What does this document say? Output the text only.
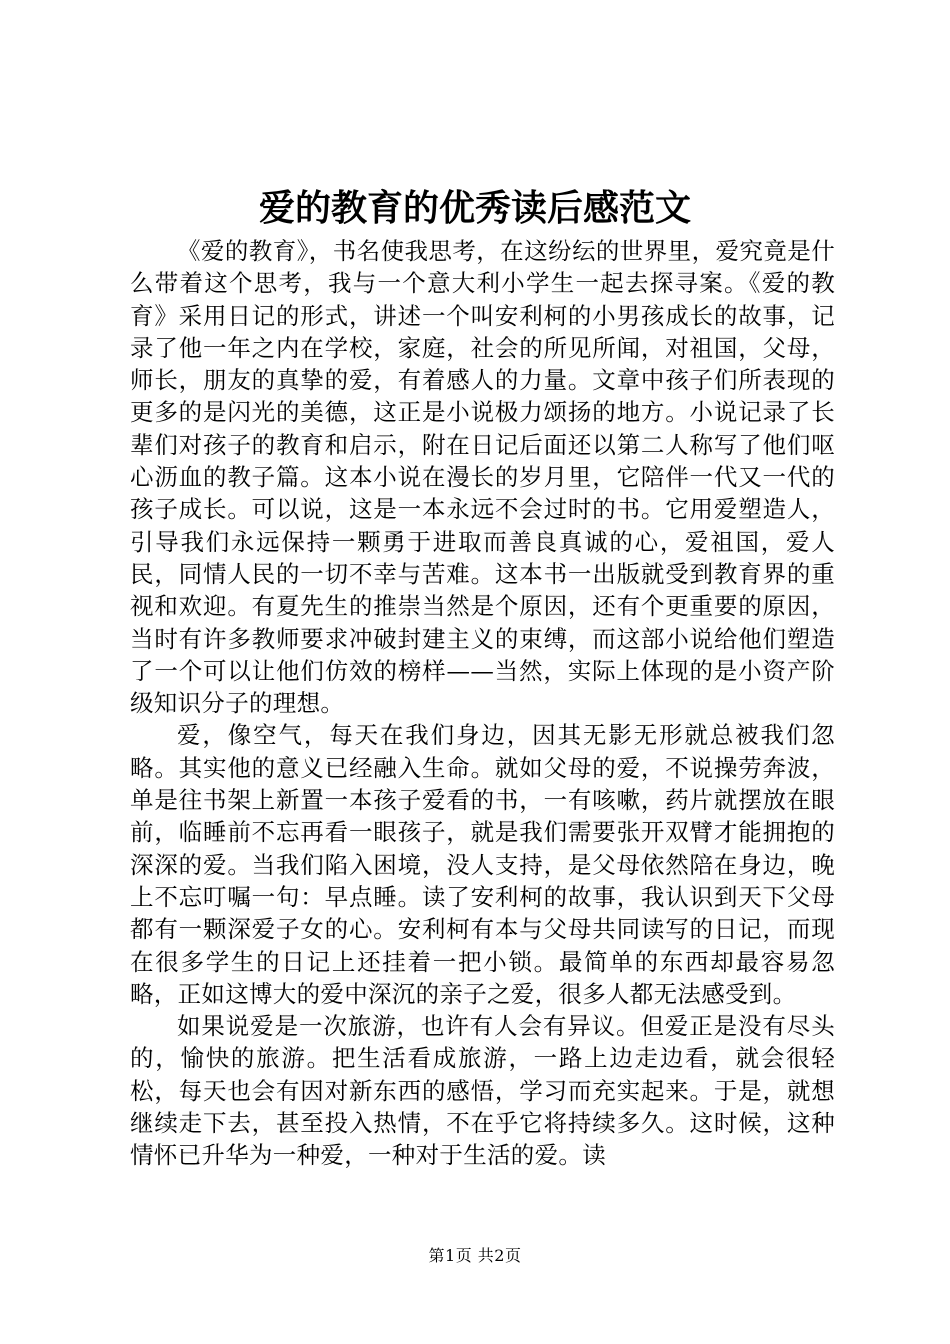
爱的教育的优秀读后感范文

《爱的教育》，书名使我思考，在这纷纭的世界里，爱究竟是什么带着这个思考，我与一个意大利小学生一起去探寻案。《爱的教育》采用日记的形式，讲述一个叫安利柯的小男孩成长的故事，记录了他一年之内在学校，家庭，社会的所见所闻，对祖国，父母，师长，朋友的真挚的爱，有着感人的力量。文章中孩子们所表现的更多的是闪光的美德，这正是小说极力颂扬的地方。小说记录了长辈们对孩子的教育和启示，附在日记后面还以第二人称写了他们呕心沥血的教子篇。这本小说在漫长的岁月里，它陪伴一代又一代的孩子成长。可以说，这是一本永远不会过时的书。它用爱塑造人，引导我们永远保持一颗勇于进取而善良真诚的心，爱祖国，爱人民，同情人民的一切不幸与苦难。这本书一出版就受到教育界的重视和欢迎。有夏先生的推崇当然是个原因，还有个更重要的原因，当时有许多教师要求冲破封建主义的束缚，而这部小说给他们塑造了一个可以让他们仿效的榜样——当然，实际上体现的是小资产阶级知识分子的理想。

爱，像空气，每天在我们身边，因其无影无形就总被我们忽略。其实他的意义已经融入生命。就如父母的爱，不说操劳奔波，单是往书架上新置一本孩子爱看的书，一有咳嗽，药片就摆放在眼前，临睡前不忘再看一眼孩子，就是我们需要张开双臂才能拥抱的深深的爱。当我们陷入困境，没人支持，是父母依然陪在身边，晚上不忘叮嘱一句：早点睡。读了安利柯的故事，我认识到天下父母都有一颗深爱子女的心。安利柯有本与父母共同读写的日记，而现在很多学生的日记上还挂着一把小锁。最简单的东西却最容易忽略，正如这博大的爱中深沉的亲子之爱，很多人都无法感受到。

如果说爱是一次旅游，也许有人会有异议。但爱正是没有尽头的，愉快的旅游。把生活看成旅游，一路上边走边看，就会很轻松，每天也会有因对新东西的感悟，学习而充实起来。于是，就想继续走下去，甚至投入热情，不在乎它将持续多久。这时候，这种情怀已升华为一种爱，一种对于生活的爱。读

第1页 共2页
